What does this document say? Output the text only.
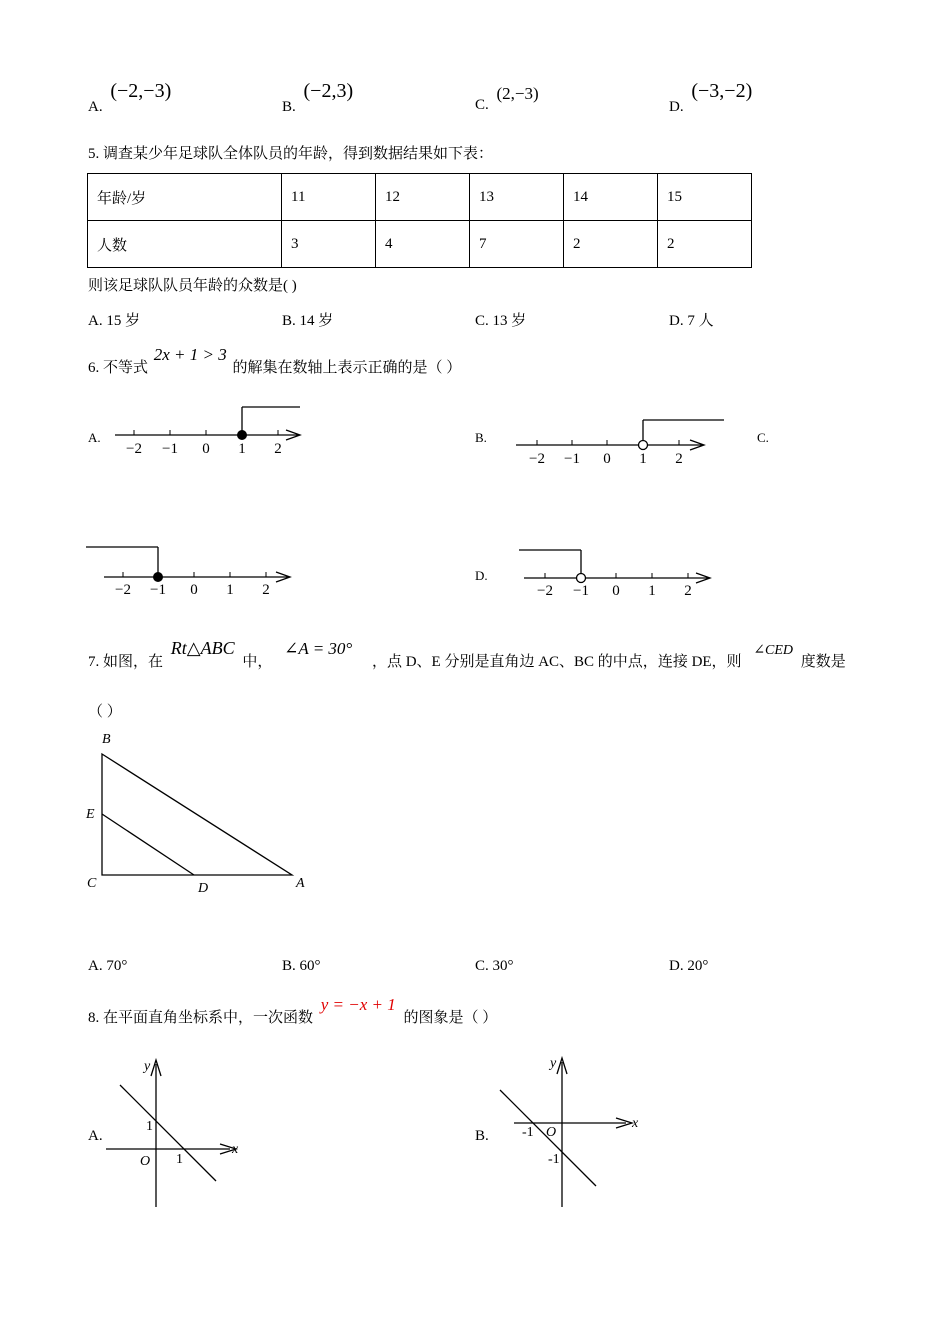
A. (−2,−3)
B. (−2,3)
C. (2,−3)
D. (−3,−2)
5. 调查某少年足球队全体队员的年龄，得到数据结果如下表：
年龄/岁	11	12	13	14	15
人数	3	4	7	2	2
则该足球队队员年龄的众数是( )
A. 15 岁	B. 14 岁	C. 13 岁	D. 7 人
6. 不等式 2x + 1 > 3 的解集在数轴上表示正确的是（ ）
A.	B.	C.
D.
−2 −1 0 1 2
−2 −1 0 1 2
−2 −1 0 1 2	−2 −1 0 1 2
7. 如图，在 Rt△ABC 中， ∠A = 30° ，点 D、E 分别是直角边 AC、BC 的中点，连接 DE，则 ∠CED 度数是
（ ）
B
E
C	D	A
A. 70°	B. 60°	C. 30°	D. 20°
8. 在平面直角坐标系中，一次函数 y = −x + 1 的图象是（ ）
A.	B.
y
x
O
1
1
y
x
O
-1
-1
